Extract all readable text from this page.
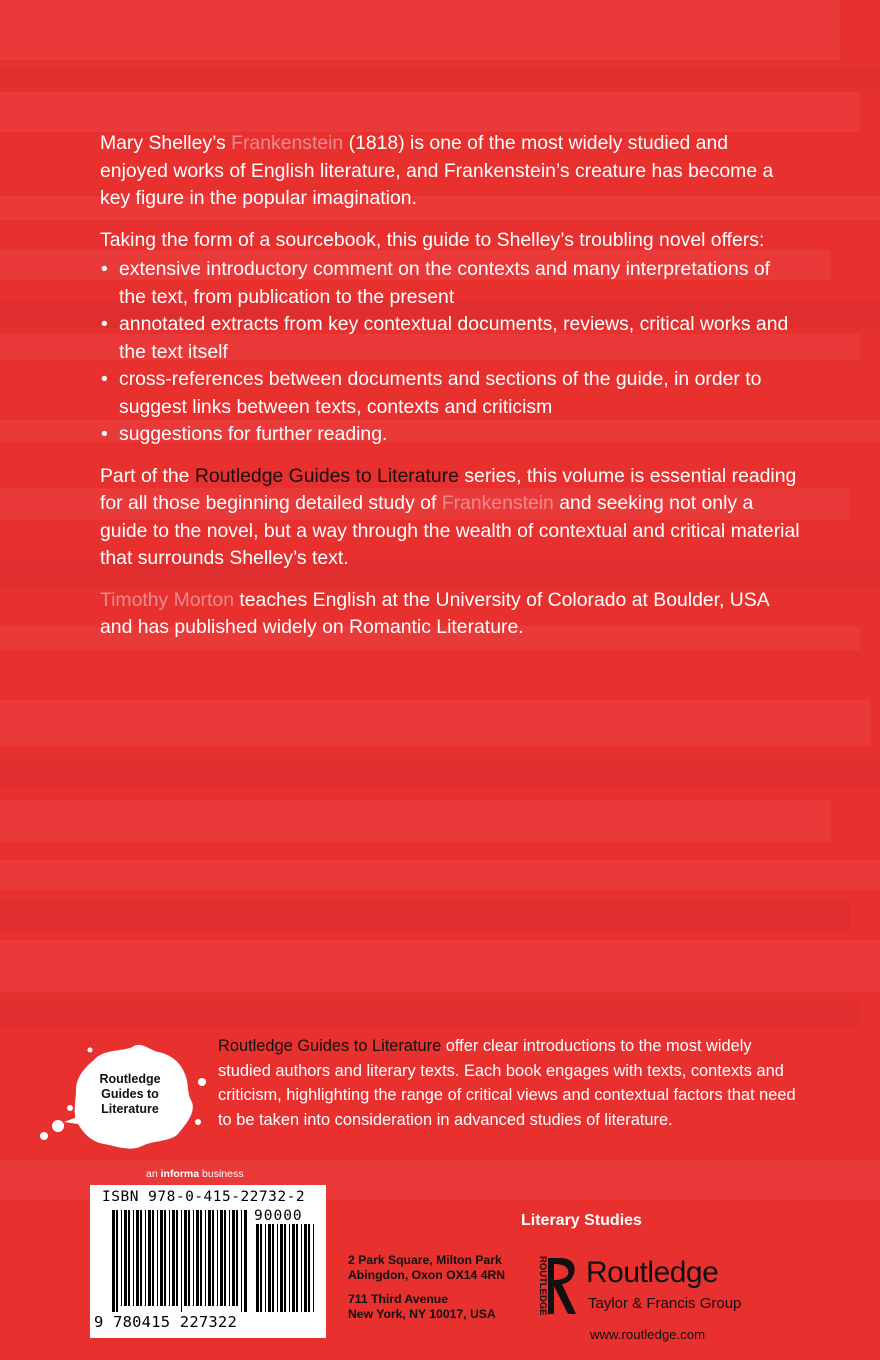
Mary Shelley’s Frankenstein (1818) is one of the most widely studied and enjoyed works of English literature, and Frankenstein’s creature has become a key figure in the popular imagination.

Taking the form of a sourcebook, this guide to Shelley’s troubling novel offers:

• extensive introductory comment on the contexts and many interpretations of the text, from publication to the present
• annotated extracts from key contextual documents, reviews, critical works and the text itself
• cross-references between documents and sections of the guide, in order to suggest links between texts, contexts and criticism
• suggestions for further reading.

Part of the Routledge Guides to Literature series, this volume is essential reading for all those beginning detailed study of Frankenstein and seeking not only a guide to the novel, but a way through the wealth of contextual and critical material that surrounds Shelley’s text.

Timothy Morton teaches English at the University of Colorado at Boulder, USA and has published widely on Romantic Literature.

Routledge Guides to Literature
Routledge Guides to Literature offer clear introductions to the most widely studied authors and literary texts. Each book engages with texts, contexts and criticism, highlighting the range of critical views and contextual factors that need to be taken into consideration in advanced studies of literature.
an informa business
ISBN 978-0-415-22732-2
90000
9 780415 227322
Literary Studies
2 Park Square, Milton Park
Abingdon, Oxon OX14 4RN
711 Third Avenue
New York, NY 10017, USA	ROUTLEDGE Routledge
Taylor & Francis Group
www.routledge.com
